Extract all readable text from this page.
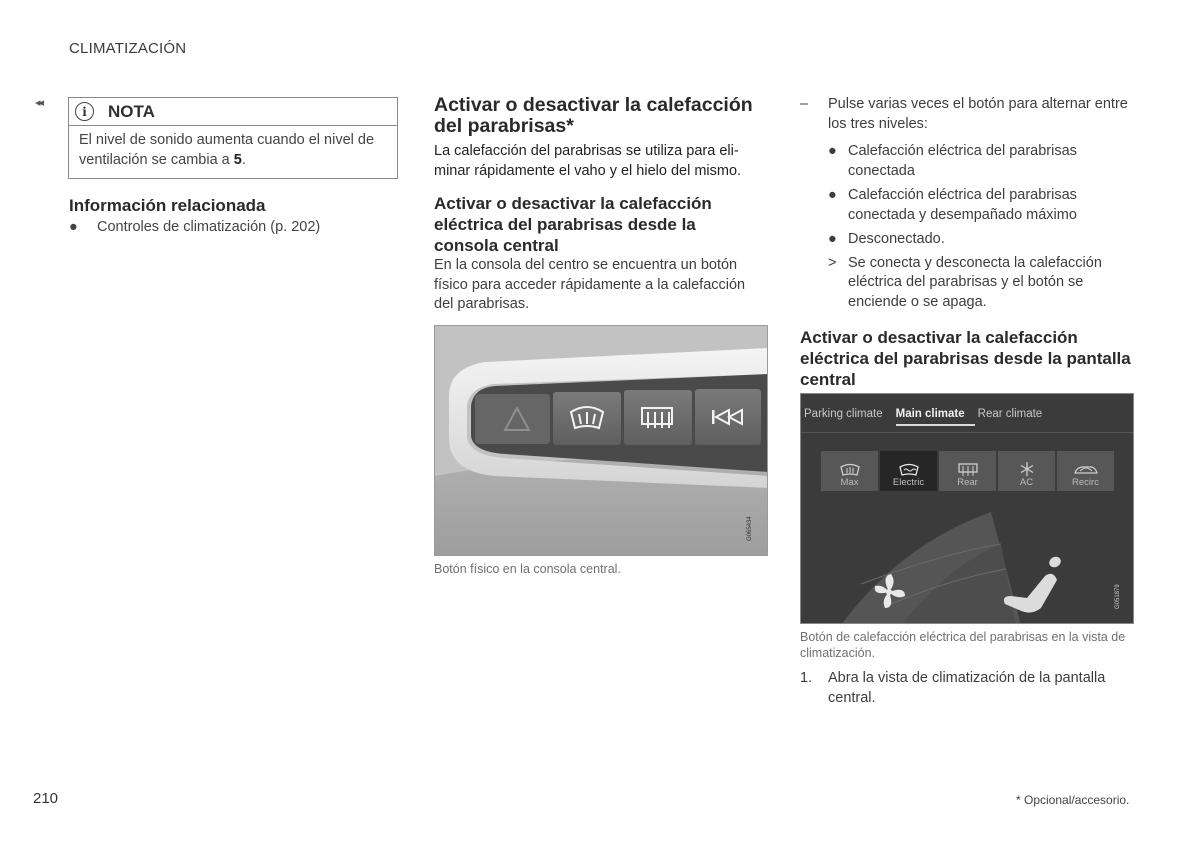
CLIMATIZACIÓN
◂◂
i	NOTA
El nivel de sonido aumenta cuando el nivel de ventilación se cambia a 5.
Información relacionada
●	Controles de climatización (p. 202)
Activar o desactivar la calefacción del parabrisas*

La calefacción del parabrisas se utiliza para eli- minar rápidamente el vaho y el hielo del mismo.

Activar o desactivar la calefacción eléctrica del parabrisas desde la consola central

En la consola del centro se encuentra un botón físico para acceder rápidamente a la calefacción del parabrisas.

G065434
Botón físico en la consola central.
–	Pulse varias veces el botón para alternar entre los tres niveles:
● Calefacción eléctrica del parabrisas conectada
● Calefacción eléctrica del parabrisas conectada y desempañado máximo
● Desconectado.
> Se conecta y desconecta la calefacción eléctrica del parabrisas y el botón se enciende o se apaga.
Activar o desactivar la calefacción eléctrica del parabrisas desde la pantalla central
G051879
Parking climate	Main climate	Rear climate
Max	Electric	Rear	AC	Recirc
Botón de calefacción eléctrica del parabrisas en la vista de climatización.
1.	Abra la vista de climatización de la pantalla central.
210	* Opcional/accesorio.
